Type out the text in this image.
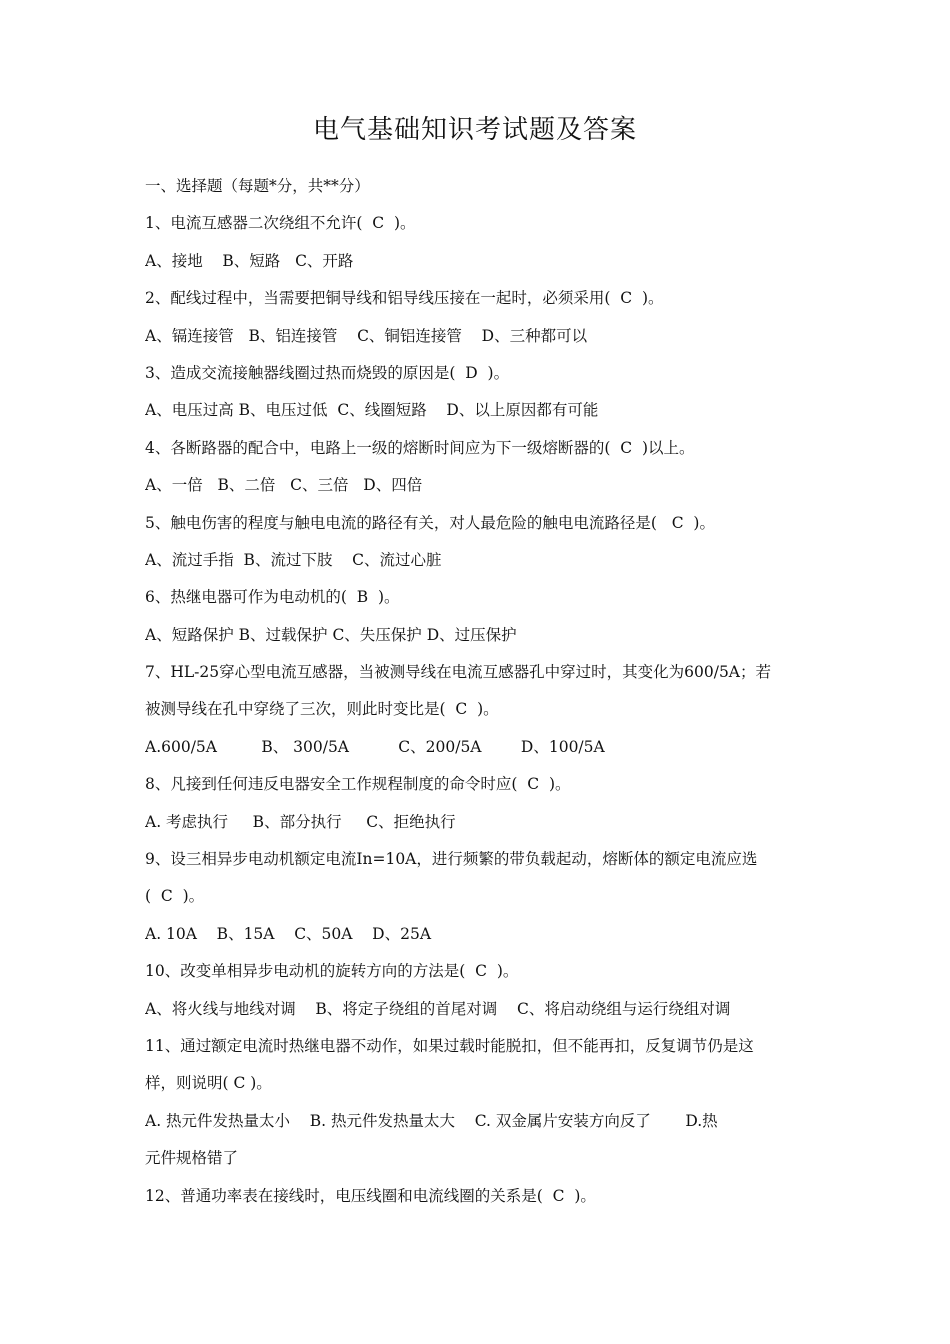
电气基础知识考试题及答案
一、选择题（每题*分，共**分）
1、电流互感器二次绕组不允许(  C  )。
A、接地    B、短路   C、开路
2、配线过程中，当需要把铜导线和铝导线压接在一起时，必须采用(  C  )。
A、镉连接管   B、铝连接管    C、铜铝连接管    D、三种都可以
3、造成交流接触器线圈过热而烧毁的原因是(  D  )。
A、电压过高 B、电压过低  C、线圈短路    D、以上原因都有可能
4、各断路器的配合中，电路上一级的熔断时间应为下一级熔断器的(  C  )以上。
A、一倍   B、二倍   C、三倍   D、四倍
5、触电伤害的程度与触电电流的路径有关，对人最危险的触电电流路径是(   C  )。
A、流过手指  B、流过下肢    C、流过心脏
6、热继电器可作为电动机的(  B  )。
A、短路保护 B、过载保护 C、失压保护 D、过压保护
7、HL-25穿心型电流互感器，当被测导线在电流互感器孔中穿过时，其变化为600/5A；若
被测导线在孔中穿绕了三次，则此时变比是(  C  )。
A.600/5A         B、 300/5A          C、200/5A        D、100/5A
8、凡接到任何违反电器安全工作规程制度的命令时应(  C  )。
A. 考虑执行     B、部分执行     C、拒绝执行
9、设三相异步电动机额定电流In=10A，进行频繁的带负载起动，熔断体的额定电流应选
(  C  )。
A. 10A    B、15A    C、50A    D、25A
10、改变单相异步电动机的旋转方向的方法是(  C  )。
A、将火线与地线对调    B、将定子绕组的首尾对调    C、将启动绕组与运行绕组对调
11、通过额定电流时热继电器不动作，如果过载时能脱扣，但不能再扣，反复调节仍是这
样，则说明( C )。
A. 热元件发热量太小    B. 热元件发热量太大    C. 双金属片安装方向反了       D.热
元件规格错了
12、普通功率表在接线时，电压线圈和电流线圈的关系是(  C  )。
